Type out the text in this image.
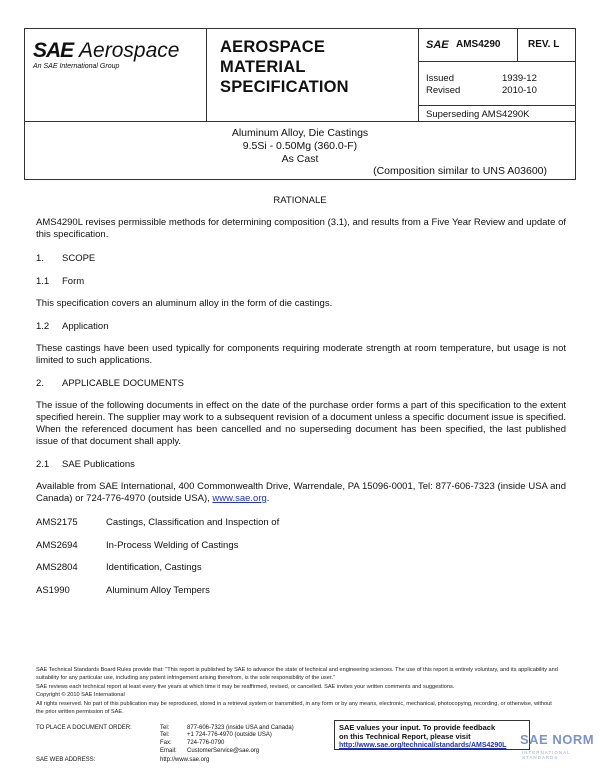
SAE Aerospace
An SAE International Group
AEROSPACE
MATERIAL
SPECIFICATION
SAE AMS4290	REV. L
Issued	1939-12
Revised	2010-10
Superseding AMS4290K
Aluminum Alloy, Die Castings
9.5Si - 0.50Mg (360.0-F)
As Cast
(Composition similar to UNS A03600)
RATIONALE
AMS4290L revises permissible methods for determining composition (3.1), and results from a Five Year Review and update of this specification.
1. SCOPE
1.1 Form
This specification covers an aluminum alloy in the form of die castings.
1.2 Application
These castings have been used typically for components requiring moderate strength at room temperature, but usage is not limited to such applications.
2. APPLICABLE DOCUMENTS
The issue of the following documents in effect on the date of the purchase order forms a part of this specification to the extent specified herein. The supplier may work to a subsequent revision of a document unless a specific document issue is specified. When the referenced document has been cancelled and no superseding document has been specified, the last published issue of that document shall apply.
2.1 SAE Publications
Available from SAE International, 400 Commonwealth Drive, Warrendale, PA 15096-0001, Tel: 877-606-7323 (inside USA and Canada) or 724-776-4970 (outside USA), www.sae.org.
AMS2175	Castings, Classification and Inspection of
AMS2694	In-Process Welding of Castings
AMS2804	Identification, Castings
AS1990	Aluminum Alloy Tempers
SAE Technical Standards Board Rules provide that: "This report is published by SAE to advance the state of technical and engineering sciences. The use of this report is entirely voluntary, and its applicability and suitability for any particular use, including any patent infringement arising therefrom, is the sole responsibility of the user."
SAE reviews each technical report at least every five years at which time it may be reaffirmed, revised, or cancelled. SAE invites your written comments and suggestions.
Copyright © 2010 SAE International
All rights reserved. No part of this publication may be reproduced, stored in a retrieval system or transmitted, in any form or by any means, electronic, mechanical, photocopying, recording, or otherwise, without the prior written permission of SAE.
TO PLACE A DOCUMENT ORDER:	Tel:	877-606-7323 (inside USA and Canada)
Tel:	+1 724-776-4970 (outside USA)
Fax:	724-776-0790
Email: CustomerService@sae.org
SAE WEB ADDRESS:	http://www.sae.org
SAE values your input. To provide feedback
on this Technical Report, please visit
http://www.sae.org/technical/standards/AMS4290L	SAE NORM
INTERNATIONAL STANDARDS
